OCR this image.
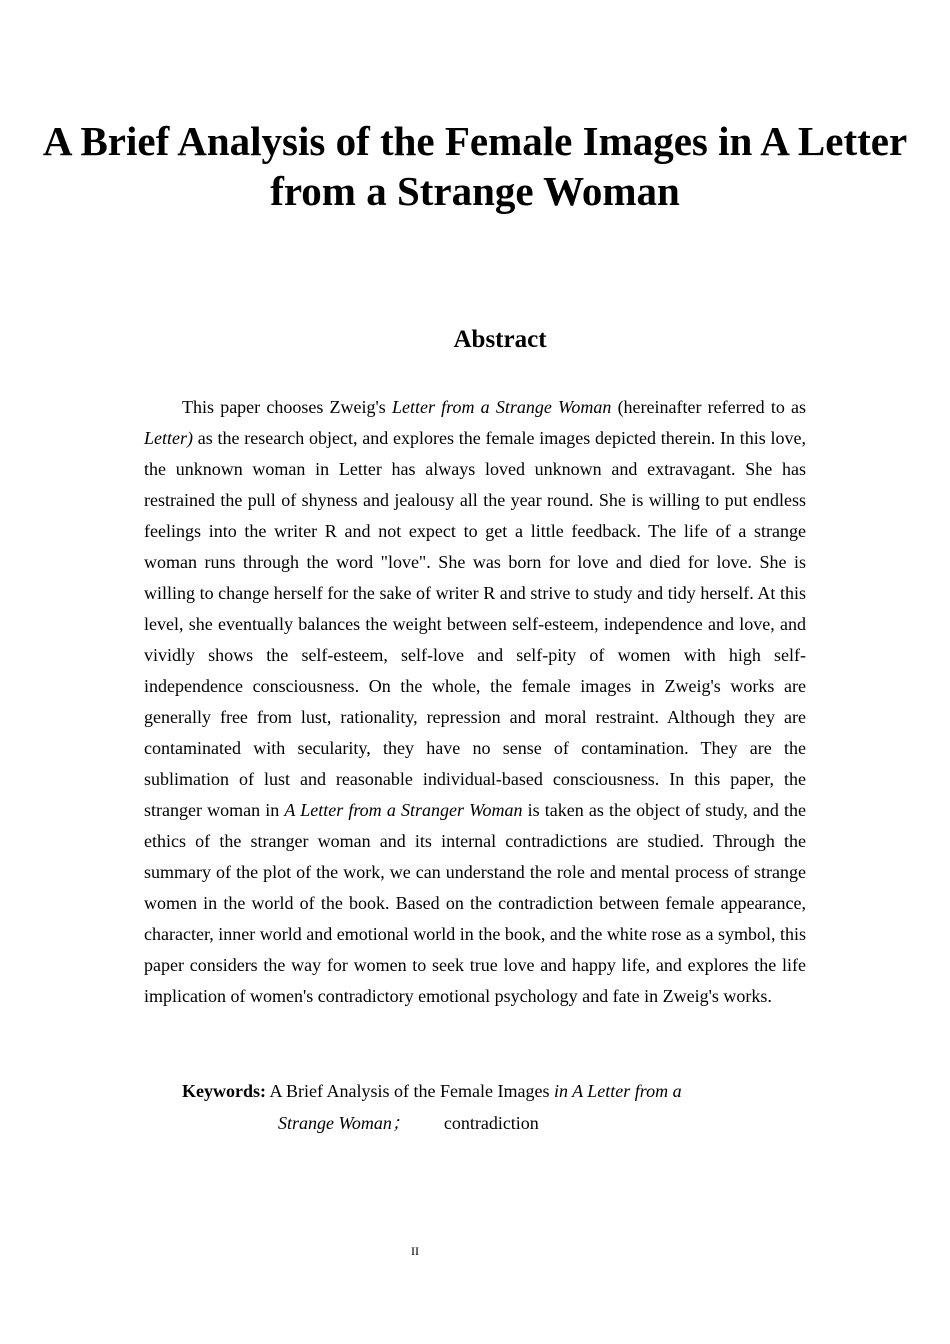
A Brief Analysis of the Female Images in A Letter from a Strange Woman
Abstract

This paper chooses Zweig's Letter from a Strange Woman (hereinafter referred to as Letter) as the research object, and explores the female images depicted therein. In this love, the unknown woman in Letter has always loved unknown and extravagant. She has restrained the pull of shyness and jealousy all the year round. She is willing to put endless feelings into the writer R and not expect to get a little feedback. The life of a strange woman runs through the word "love". She was born for love and died for love. She is willing to change herself for the sake of writer R and strive to study and tidy herself. At this level, she eventually balances the weight between self-esteem, independence and love, and vividly shows the self-esteem, self-love and self-pity of women with high self-independence consciousness. On the whole, the female images in Zweig's works are generally free from lust, rationality, repression and moral restraint. Although they are contaminated with secularity, they have no sense of contamination. They are the sublimation of lust and reasonable individual-based consciousness. In this paper, the stranger woman in A Letter from a Stranger Woman is taken as the object of study, and the ethics of the stranger woman and its internal contradictions are studied. Through the summary of the plot of the work, we can understand the role and mental process of strange women in the world of the book. Based on the contradiction between female appearance, character, inner world and emotional world in the book, and the white rose as a symbol, this paper considers the way for women to seek true love and happy life, and explores the life implication of women's contradictory emotional psychology and fate in Zweig's works.

Keywords: A Brief Analysis of the Female Images in A Letter from a
Strange Woman； contradiction
II
